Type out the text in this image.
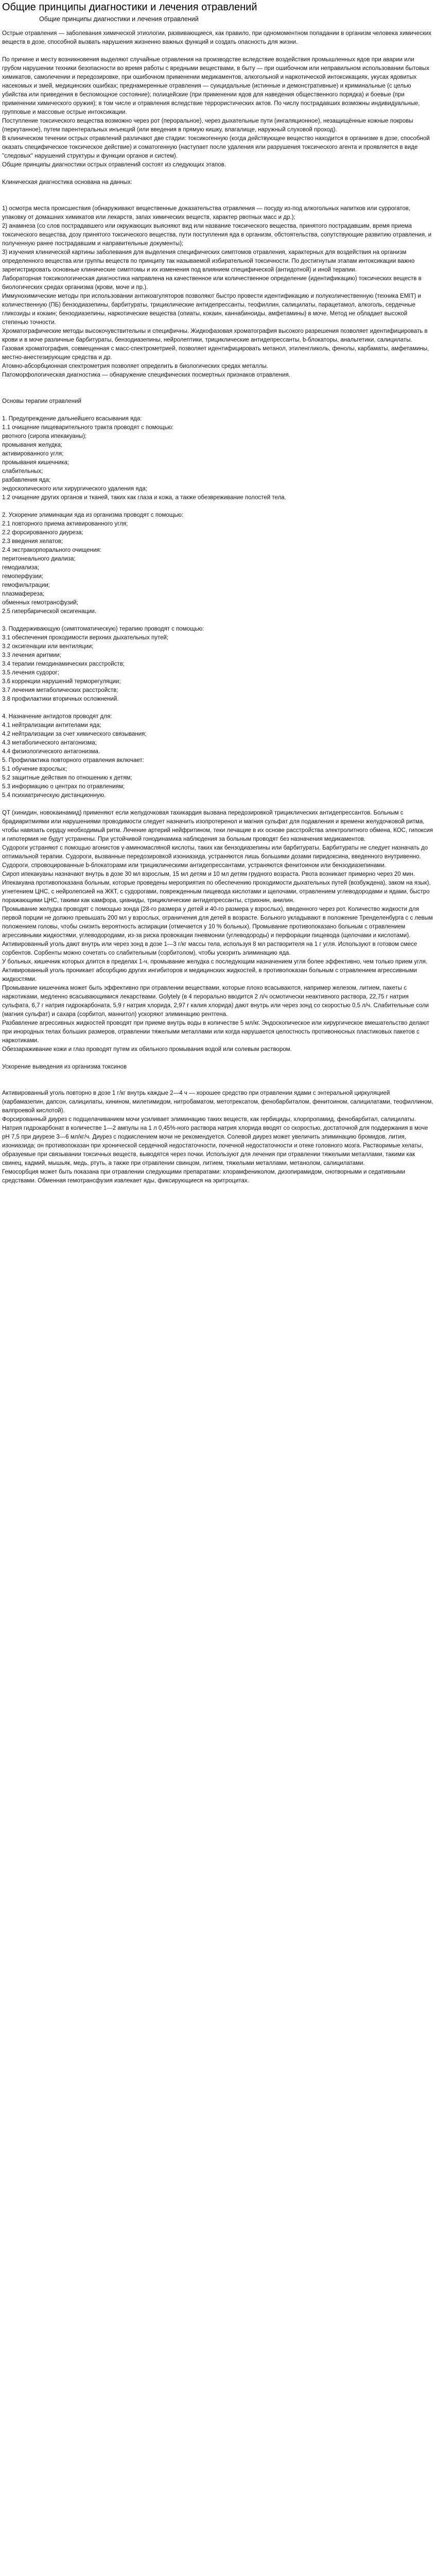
Общие принципы диагностики и лечения отравлений
Общие принципы диагностики и лечения отравлений

Острые отравления — заболевания химической этиологии, развивающиеся, как правило, при одномоментном попадании в организм человека химических веществ в дозе, способной вызвать нарушения жизненно важных функций и создать опасность для жизни.

По причине и месту возникновения выделяют случайные отравления на производстве вследствие воздействия промышленных ядов при аварии или грубом нарушении техники безопасности во время работы с вредными веществами, в быту — при ошибочном или неправильном использовании бытовых химикатов, самолечении и передозировке, при ошибочном применении медикаментов, алкогольной и наркотической интоксикациях, укусах ядовитых насекомых и змей, медицинских ошибках; преднамеренные отравления — суицидальные (истинные и демонстративные) и криминальные (с целью убийства или приведения в беспомощное состояние); полицейские (при применении ядов для наведения общественного порядка) и боевые (при применении химического оружия); в том числе и отравления вследствие террористических актов. По числу пострадавших возможны индивидуальные, групповые и массовые острые интоксикации.

Поступление токсического вещества возможно через рот (пероральное), через дыхательные пути (ингаляционное), незащищённые кожные покровы (перкутанное), путем парентеральных инъекций (или введения в прямую кишку, влагалище, наружный слуховой проход).

В клиническом течении острых отравлений различают две стадии: токсикогенную (когда действующее вещество находится в организме в дозе, способной оказать специфическое токсическое действие) и соматогенную (наступает после удаления или разрушения токсического агента и проявляется в виде "следовых" нарушений структуры и функции органов и систем).

Общие принципы диагностики острых отравлений состоят из следующих этапов.

Клиническая диагностика основана на данных:

1) осмотра места происшествия (обнаруживают вещественные доказательства отравления — посуду из-под алкогольных напитков или суррогатов, упаковку от домашних химикатов или лекарств, запах химических веществ, характер рвотных масс и др.);

2) анамнеза (со слов пострадавшего или окружающих выясняют вид или название токсического вещества, принятого пострадавшим, время приема токсического вещества, дозу принятого токсического вещества, пути поступления яда в организм, обстоятельства, сопутствующие развитию отравления, и полученную ранее пострадавшим и направительные документы);

3) изучения клинической картины заболевания для выделения специфических симптомов отравления, характерных для воздействия на организм определенного вещества или группы веществ по принципу так называемой избирательной токсичности. По достигнутым этапам интоксикации важно зарегистрировать основные клинические симптомы и их изменения под влиянием специфической (антидотной) и иной терапии.

Лабораторная токсикологическая диагностика направлена на качественное или количественное определение (идентификацию) токсических веществ в биологических средах организма (крови, моче и пр.).

Иммунохимические методы при использовании антикоагуляторов позволяют быстро провести идентификацию и полуколичественную (техника ЕМIT) и количественную (ПБ) бензодиазепины, барбитураты, трициклические антидепрессанты, теофиллин, салицилаты, парацетамол, алкоголь, сердечные гликозиды и кокаин; бензодиазепины, наркотические вещества (опиаты, кокаин, каннабиноиды, амфетамины) в моче. Метод не обладает высокой степенью точности.

Хроматографические методы высокочувствительны и специфичны. Жидкофазовая хроматография высокого разрешения позволяет идентифицировать в крови и в моче различные барбитураты, бензодиазепины, нейролептики, трициклические антидепрессанты, b-блокаторы, анальгетики, салицилаты. Газовая хроматография, совмещенная с масс-спектрометрией, позволяет идентифицировать метанол, этиленгликоль, фенолы, карбаматы, амфетамины, местно-анестезирующие средства и др.

Атомно-абсорбционная спектрометрия позволяет определить в биологических средах металлы.

Патоморфологическая диагностика — обнаружение специфических посмертных признаков отравления.

Основы терапии отравлений

1. Предупреждение дальнейшего всасывания яда:

1.1 очищение пищеварительного тракта проводят с помощью:

рвотного (сиропа ипекакуаны);

промывания желудка;

активированного угля;

промывания кишечника;

слабительных;

разбавления яда;

эндоскопического или хирургического удаления яда;

1.2 очищение других органов и тканей, таких как глаза и кожа, а также обезвреживание полостей тела.

2. Ускорение элиминации яда из организма проводят с помощью:

2.1 повторного приема активированного угля;

2.2 форсированного диуреза;

2.3 введения хелатов;

2.4 экстракорпорального очищения:

перитонеального диализа;

гемодиализа;

гемоперфузии;

гемофильтрации;

плазмафереза;

обменных гемотрансфузий;

2.5 гипербарической оксигенации.

3. Поддерживающую (симптоматическую) терапию проводят с помощью:

3.1 обеспечения проходимости верхних дыхательных путей;

3.2 оксигенации или вентиляции;

3.3 лечения аритмии;

3.4 терапии гемодинамических расстройств;

3.5 лечения судорог;

3.6 коррекции нарушений терморегуляции;

3.7 лечения метаболических расстройств;

3.8 профилактики вторичных осложнений.

4. Назначение антидотов проводят для:

4.1 нейтрализации антителами яда;

4.2 нейтрализации за счет химического связывания;

4.3 метаболического антагонизма;

4.4 физиологического антагонизма.

5. Профилактика повторного отравления включает:

5.1 обучение взрослых;

5.2 защитные действия по отношению к детям;

5.3 информацию о центрах по отравлениям;

5.4 психиатрическую дистанционную.

QT (хинидин, новокаинамид) применяют если желудочковая тахикардия вызвана передозировкой трициклических антидепрессантов. Больным с брадиаритмиями или нарушениями проводимости следует назначить изопротеренол и магния сульфат для подавления и времени желудочковой ритма, чтобы навязать сердцу необходимый ритм. Лечение артерий нейфритином, теки лечащие в их основе расстройства электролитного обмена, КОС, гипоксия и гипотермия не будут устранены. При устойчивой гонодинамика наблюдения за больным проводят без назначения медикаментов.

Судороги устраняют с помощью агонистов γ-аминомасляной кислоты, таких как бензодиазепины или барбитураты. Барбитураты не следует назначать до оптимальной терапии. Судороги, вызванные передозировкой изониазида, устраняются лишь большими дозами пиридоксина, введенного внутривенно. Судороги, спровоцированные b-блокаторами или трициклическими антидепрессантами, устраняются фенитоином или бензодиазепинами.

Сироп ипекакуаны назначают внутрь в дозе 30 мл взрослым, 15 мл детям и 10 мл детям грудного возраста. Рвота возникает примерно через 20 мин. Ипекакуана противопоказана больным, которые проведены мероприятия по обеспечению проходимости дыхательных путей (возбуждена), заком на язык), угнетением ЦНС, с нейролепсией на ЖКТ, с судорогами, поврежденным пищевода кислотами и щелочами, отравлением углеводородами и ядами, быстро поражающими ЦНС, такими как камфора, цианиды, трициклические антидепрессанты, стрихнин, анилин.

Промывание желудка проводят с помощью зонда (28-го размера у детей и 40-го размера у взрослых), введенного через рот. Количество жидкости для первой порции не должно превышать 200 мл у взрослых, ограничения для детей в возрасте. Больного укладывают в положение Тренделенбурга с с левым положением головы, чтобы снизить вероятность аспирации (отмечается у 10 % больных). Промывание противопоказано больным с отравлением агрессивными жидкостями, углеводородами, из-за риска провокации пневмонии (углеводороды) и перфорации пищевода (щелочами и кислотами).

Активированный уголь дают внутрь или через зонд в дозе 1—3 г/кг массы тела, используя 8 мл растворителя на 1 г угля. Используют в готовом смесе сорбентов. Сорбенты можно сочетать со слабительным (сорбитолом), чтобы ускорить элиминацию яда.

У больных, кишечник которых длится в пределах 1-ч, промывание желудка с последующим назначением угля более эффективно, чем только прием угля. Активированный уголь проникает абсорбцию других ингибиторов и медицинских жидкостей, в противопоказан больным с отравлением агрессивными жидкостями.

Промывание кишечника может быть эффективно при отравлении веществами, которые плохо всасываются, например железом, литием, пакеты с наркотиками, медленно всасывающимися лекарствами. Golytely (в 4 перорально вводится 2 л/ч осмотически неактивного раствора, 22,75 г натрия сульфата, 6,7 г натрия гидрокарбоната, 5,9 г натрия хлорида, 2,97 г калия хлорида) дают внутрь или через зонд со скоростью 0,5 л/ч. Слабительные соли (магния сульфат) и сахара (сорбитол, маннитол) ускоряют элиминацию рентгена.

Разбавление агрессивных жидкостей проводят при приеме внутрь воды в количестве 5 мл/кг. Эндоскопическое или хирургическое вмешательство делают при инородных телах больших размеров, отравлении тяжелыми металлами или когда нарушается целостность противонюсных пластиковых пакетов с наркотиками.

Обеззараживание кожи и глаз проводят путем их обильного промывания водой или солевым раствором.

Ускорение выведения из организма токсинов

Активированный уголь повторно в дозе 1 г/кг внутрь каждые 2—4 ч — хорошее средство при отравлении ядами с энтеральной циркуляцией (карбамазепин, дапсон, салицилаты, хинином, милетимидом, нитробаматом, метотрексатом, фенобарбиталом, фенитоином, салицилатами, теофиллином, валпроевой кислотой).

Форсированный диурез с подщелачиванием мочи усиливает элиминацию таких веществ, как гербициды, хлорпропамид, фенобарбитал, салицилаты. Натрия гидрокарбонат в количестве 1—2 ампулы на 1 л 0,45%-ного раствора натрия хлорида вводят со скоростью, достаточной для поддержания в моче рН 7,5 при диурезе 3—6 мл/кг/ч. Диурез с подкислением мочи не рекомендуется. Солевой диурез может увеличить элиминацию бромидов, лития, изониазида; он противопоказан при хронической сердечной недостаточности, почечной недостаточности и отеке головного мозга. Растворимые хелаты, образуемые при связывании токсичных веществ, выводятся через почки. Используют для лечения при отравлении тяжелыми металлами, такими как свинец, кадмий, мышьяк, медь, ртуть, а также при отравлении свинцом, литием, тяжелыми металлами, метанолом, салицилатами.

Гемосорбция может быть показана при отравлении следующими препаратами: хлорамфениколом, дизопирамидом, снотворными и седативными средствами. Обменная гемотрансфузия извлекает яды, фиксирующиеся на эритроцитах.
